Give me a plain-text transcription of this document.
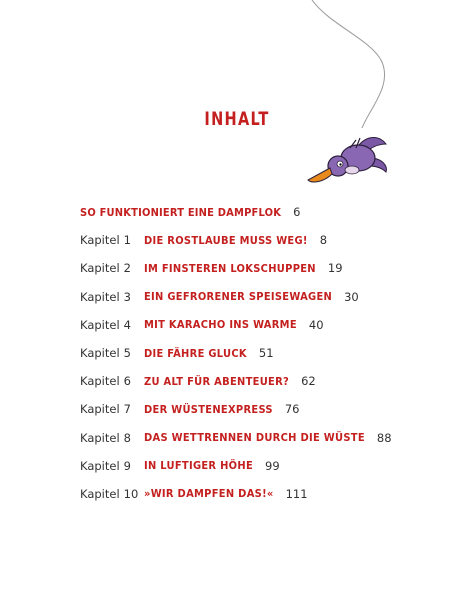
INHALT
SO FUNKTIONIERT EINE DAMPFLOK 6
Kapitel 1	DIE ROSTLAUBE MUSS WEG! 8
Kapitel 2	IM FINSTEREN LOKSCHUPPEN 19
Kapitel 3	EIN GEFRORENER SPEISEWAGEN 30
Kapitel 4	MIT KARACHO INS WARME 40
Kapitel 5	DIE FÄHRE GLUCK 51
Kapitel 6	ZU ALT FÜR ABENTEUER? 62
Kapitel 7	DER WÜSTENEXPRESS 76
Kapitel 8	DAS WETTRENNEN DURCH DIE WÜSTE 88
Kapitel 9	IN LUFTIGER HÖHE 99
Kapitel 10 »WIR DAMPFEN DAS!« 111
